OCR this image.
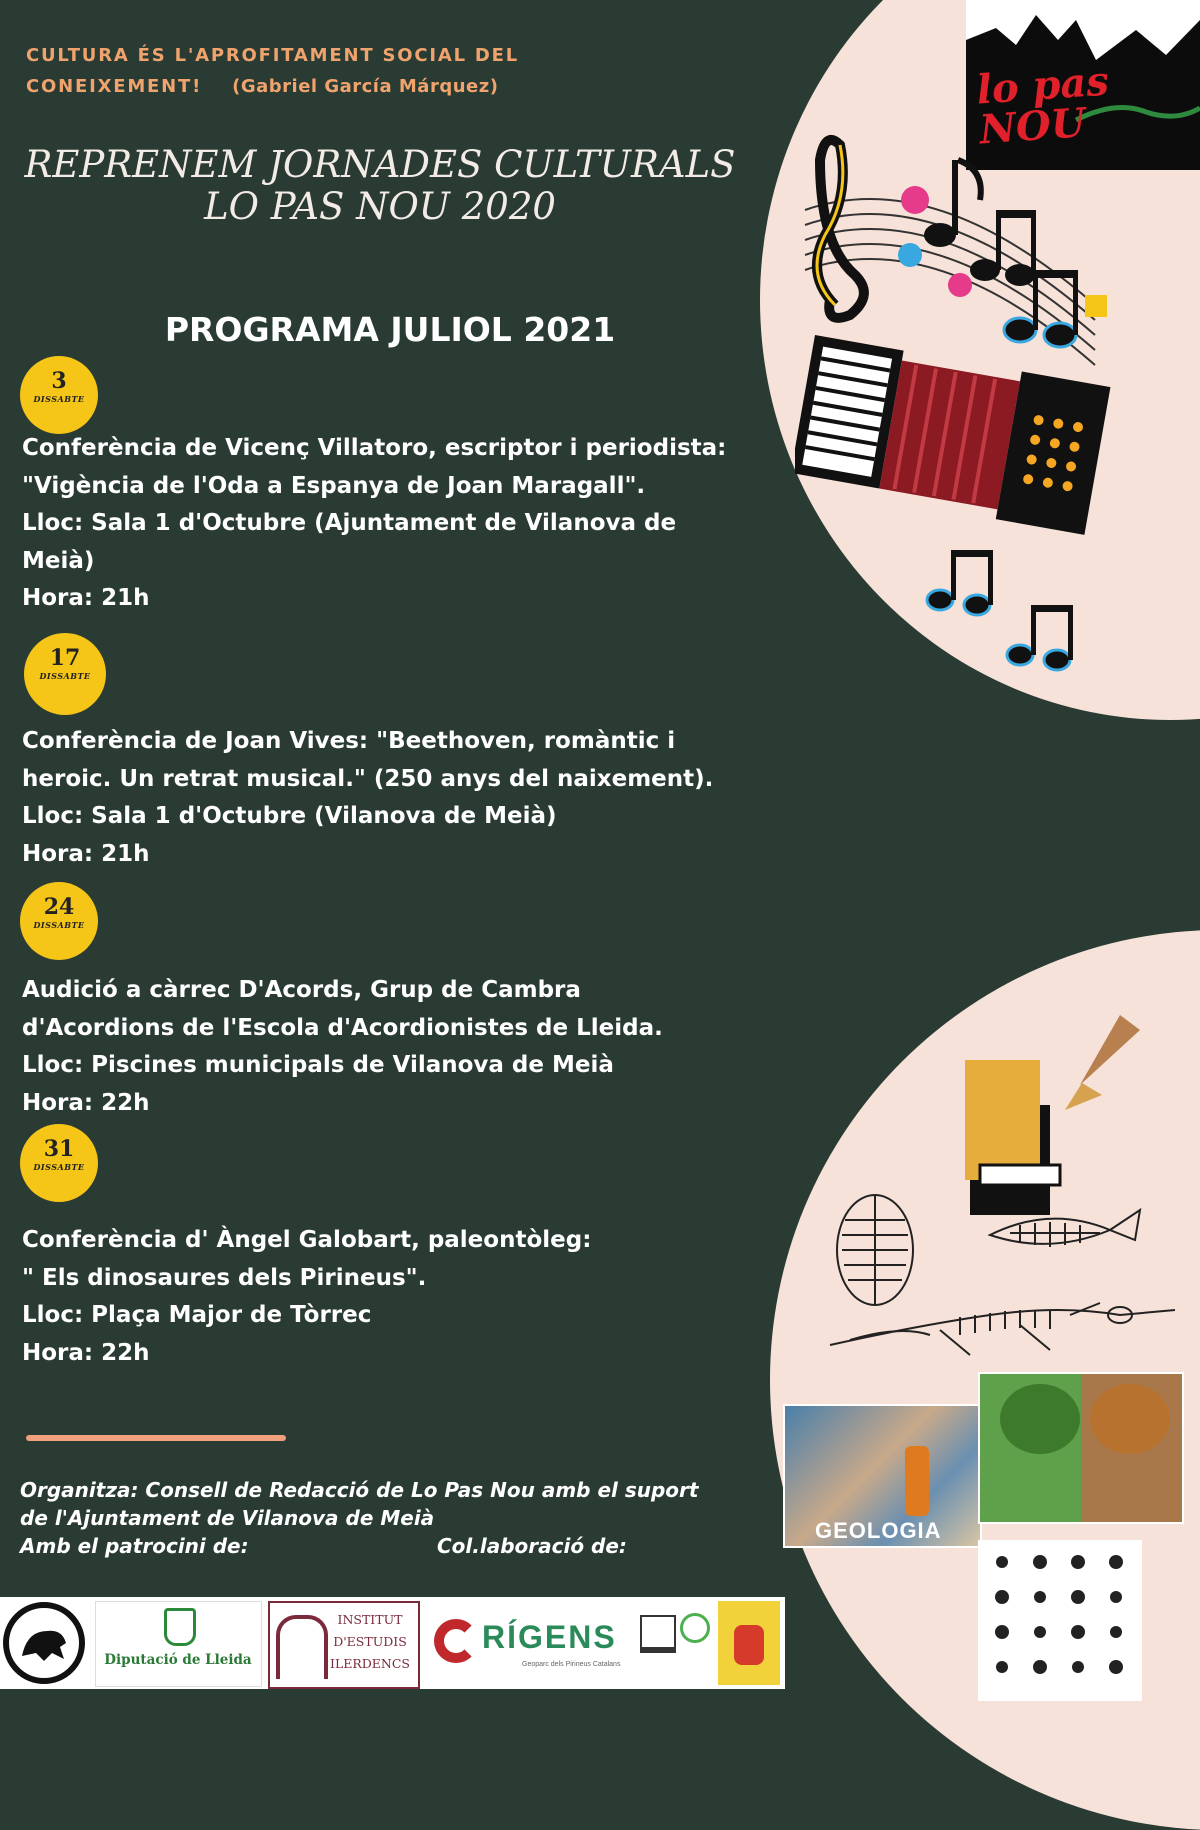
lo pas
NOU
GEOLOGIA
CULTURA ÉS L'APROFITAMENT SOCIAL DEL
CONEIXEMENT! (Gabriel García Márquez)
REPRENEM JORNADES CULTURALS
LO PAS NOU 2020
PROGRAMA JULIOL 2021
3
DISSABTE
Conferència de Vicenç Villatoro, escriptor i periodista:
"Vigència de l'Oda a Espanya de Joan Maragall".
Lloc: Sala 1 d'Octubre (Ajuntament de Vilanova de
Meià)
Hora: 21h
17
DISSABTE
Conferència de Joan Vives: "Beethoven, romàntic i
heroic. Un retrat musical." (250 anys del naixement).
Lloc: Sala 1 d'Octubre (Vilanova de Meià)
Hora: 21h
24
DISSABTE
Audició a càrrec D'Acords, Grup de Cambra
d'Acordions de l'Escola d'Acordionistes de Lleida.
Lloc: Piscines municipals de Vilanova de Meià
Hora: 22h
31
DISSABTE
Conferència d' Àngel Galobart, paleontòleg:
" Els dinosaures dels Pirineus".
Lloc: Plaça Major de Tòrrec
Hora: 22h
Organitza: Consell de Redacció de Lo Pas Nou amb el suport
de l'Ajuntament de Vilanova de Meià
Amb el patrocini de:	Col.laboració de:
Diputació de Lleida
INSTITUT
D'ESTUDIS
ILERDENCS
RÍGENS
Geoparc dels Pirineus Catalans
